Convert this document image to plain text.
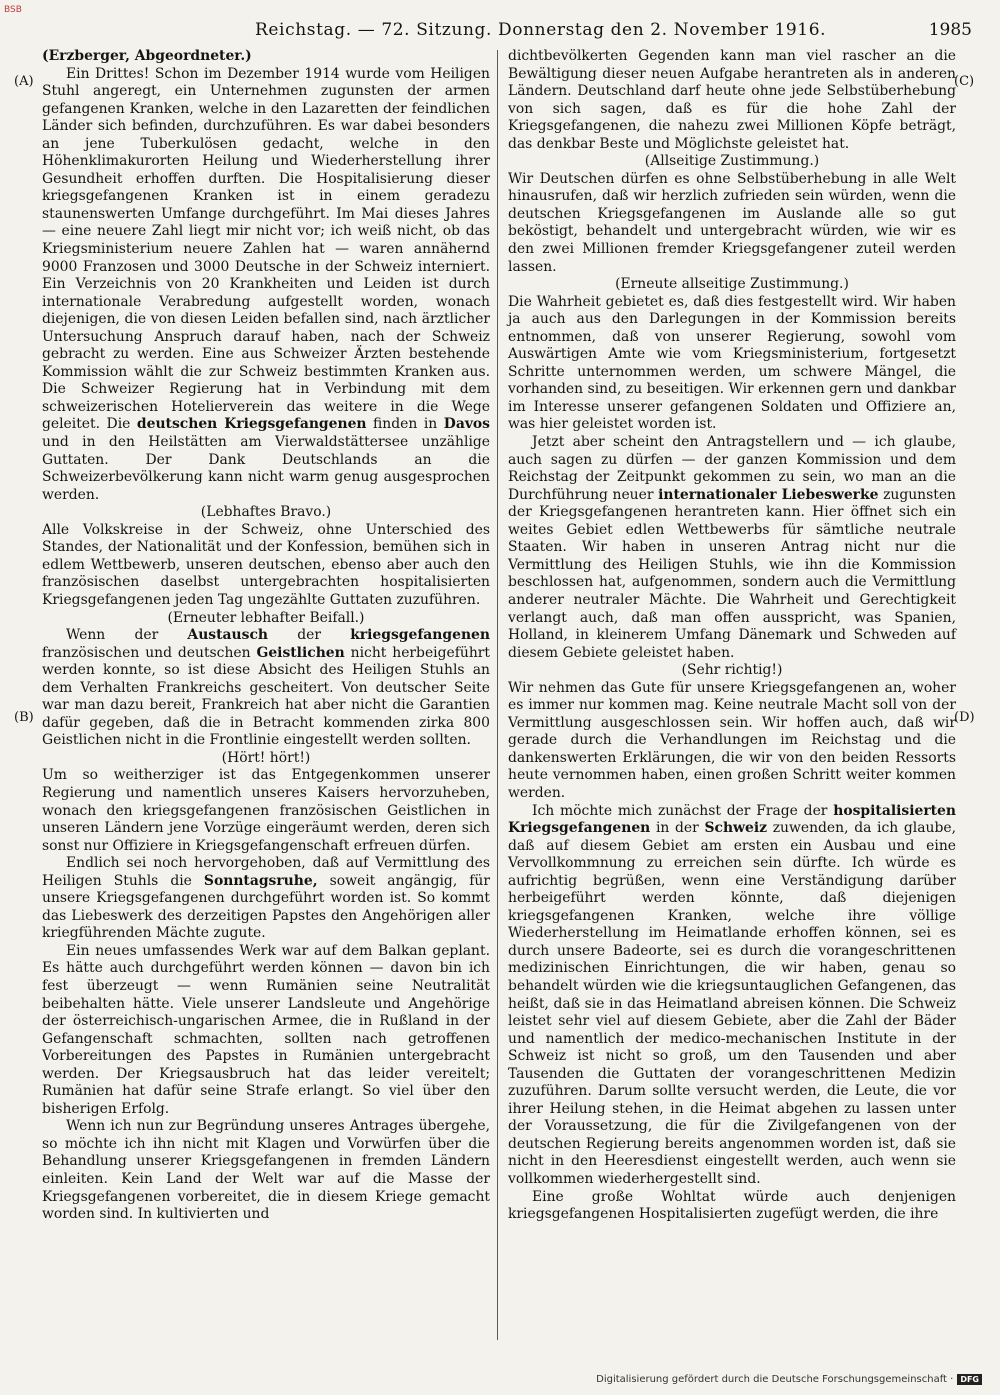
BSB
Reichstag. — 72. Sitzung. Donnerstag den 2. November 1916.	1985
(A)
(B)
(C)
(D)

(Erzberger, Abgeordneter.)

Ein Drittes! Schon im Dezember 1914 wurde vom Heiligen Stuhl angeregt, ein Unternehmen zugunsten der armen gefangenen Kranken, welche in den Lazaretten der feindlichen Länder sich befinden, durchzuführen. Es war dabei besonders an jene Tuberkulösen gedacht, welche in den Höhenklimakurorten Heilung und Wiederherstellung ihrer Gesundheit erhoffen durften. Die Hospitalisierung dieser kriegsgefangenen Kranken ist in einem geradezu staunenswerten Umfange durchgeführt. Im Mai dieses Jahres — eine neuere Zahl liegt mir nicht vor; ich weiß nicht, ob das Kriegsministerium neuere Zahlen hat — waren annähernd 9000 Franzosen und 3000 Deutsche in der Schweiz interniert. Ein Verzeichnis von 20 Krankheiten und Leiden ist durch internationale Verabredung aufgestellt worden, wonach diejenigen, die von diesen Leiden befallen sind, nach ärztlicher Untersuchung Anspruch darauf haben, nach der Schweiz gebracht zu werden. Eine aus Schweizer Ärzten bestehende Kommission wählt die zur Schweiz bestimmten Kranken aus. Die Schweizer Regierung hat in Verbindung mit dem schweizerischen Hotelierverein das weitere in die Wege geleitet. Die deutschen Kriegsgefangenen finden in Davos und in den Heilstätten am Vierwaldstättersee unzählige Guttaten. Der Dank Deutschlands an die Schweizerbevölkerung kann nicht warm genug ausgesprochen werden.

(Lebhaftes Bravo.)

Alle Volkskreise in der Schweiz, ohne Unterschied des Standes, der Nationalität und der Konfession, bemühen sich in edlem Wettbewerb, unseren deutschen, ebenso aber auch den französischen daselbst untergebrachten hospitalisierten Kriegsgefangenen jeden Tag ungezählte Guttaten zuzuführen.

(Erneuter lebhafter Beifall.)

Wenn der Austausch der kriegsgefangenen französischen und deutschen Geistlichen nicht herbeigeführt werden konnte, so ist diese Absicht des Heiligen Stuhls an dem Verhalten Frankreichs gescheitert. Von deutscher Seite war man dazu bereit, Frankreich hat aber nicht die Garantien dafür gegeben, daß die in Betracht kommenden zirka 800 Geistlichen nicht in die Frontlinie eingestellt werden sollten.

(Hört! hört!)

Um so weitherziger ist das Entgegenkommen unserer Regierung und namentlich unseres Kaisers hervorzuheben, wonach den kriegsgefangenen französischen Geistlichen in unseren Ländern jene Vorzüge eingeräumt werden, deren sich sonst nur Offiziere in Kriegsgefangenschaft erfreuen dürfen.

Endlich sei noch hervorgehoben, daß auf Vermittlung des Heiligen Stuhls die Sonntagsruhe, soweit angängig, für unsere Kriegsgefangenen durchgeführt worden ist. So kommt das Liebeswerk des derzeitigen Papstes den Angehörigen aller kriegführenden Mächte zugute.

Ein neues umfassendes Werk war auf dem Balkan geplant. Es hätte auch durchgeführt werden können — davon bin ich fest überzeugt — wenn Rumänien seine Neutralität beibehalten hätte. Viele unserer Landsleute und Angehörige der österreichisch-ungarischen Armee, die in Rußland in der Gefangenschaft schmachten, sollten nach getroffenen Vorbereitungen des Papstes in Rumänien untergebracht werden. Der Kriegsausbruch hat das leider vereitelt; Rumänien hat dafür seine Strafe erlangt. So viel über den bisherigen Erfolg.

Wenn ich nun zur Begründung unseres Antrages übergehe, so möchte ich ihn nicht mit Klagen und Vorwürfen über die Behandlung unserer Kriegsgefangenen in fremden Ländern einleiten. Kein Land der Welt war auf die Masse der Kriegsgefangenen vorbereitet, die in diesem Kriege gemacht worden sind. In kultivierten und

dichtbevölkerten Gegenden kann man viel rascher an die Bewältigung dieser neuen Aufgabe herantreten als in anderen Ländern. Deutschland darf heute ohne jede Selbstüberhebung von sich sagen, daß es für die hohe Zahl der Kriegsgefangenen, die nahezu zwei Millionen Köpfe beträgt, das denkbar Beste und Möglichste geleistet hat.

(Allseitige Zustimmung.)

Wir Deutschen dürfen es ohne Selbstüberhebung in alle Welt hinausrufen, daß wir herzlich zufrieden sein würden, wenn die deutschen Kriegsgefangenen im Auslande alle so gut beköstigt, behandelt und untergebracht würden, wie wir es den zwei Millionen fremder Kriegsgefangener zuteil werden lassen.

(Erneute allseitige Zustimmung.)

Die Wahrheit gebietet es, daß dies festgestellt wird. Wir haben ja auch aus den Darlegungen in der Kommission bereits entnommen, daß von unserer Regierung, sowohl vom Auswärtigen Amte wie vom Kriegsministerium, fortgesetzt Schritte unternommen werden, um schwere Mängel, die vorhanden sind, zu beseitigen. Wir erkennen gern und dankbar im Interesse unserer gefangenen Soldaten und Offiziere an, was hier geleistet worden ist.

Jetzt aber scheint den Antragstellern und — ich glaube, auch sagen zu dürfen — der ganzen Kommission und dem Reichstag der Zeitpunkt gekommen zu sein, wo man an die Durchführung neuer internationaler Liebeswerke zugunsten der Kriegsgefangenen herantreten kann. Hier öffnet sich ein weites Gebiet edlen Wettbewerbs für sämtliche neutrale Staaten. Wir haben in unseren Antrag nicht nur die Vermittlung des Heiligen Stuhls, wie ihn die Kommission beschlossen hat, aufgenommen, sondern auch die Vermittlung anderer neutraler Mächte. Die Wahrheit und Gerechtigkeit verlangt auch, daß man offen ausspricht, was Spanien, Holland, in kleinerem Umfang Dänemark und Schweden auf diesem Gebiete geleistet haben.

(Sehr richtig!)

Wir nehmen das Gute für unsere Kriegsgefangenen an, woher es immer nur kommen mag. Keine neutrale Macht soll von der Vermittlung ausgeschlossen sein. Wir hoffen auch, daß wir gerade durch die Verhandlungen im Reichstag und die dankenswerten Erklärungen, die wir von den beiden Ressorts heute vernommen haben, einen großen Schritt weiter kommen werden.

Ich möchte mich zunächst der Frage der hospitalisierten Kriegsgefangenen in der Schweiz zuwenden, da ich glaube, daß auf diesem Gebiet am ersten ein Ausbau und eine Vervollkommnung zu erreichen sein dürfte. Ich würde es aufrichtig begrüßen, wenn eine Verständigung darüber herbeigeführt werden könnte, daß diejenigen kriegsgefangenen Kranken, welche ihre völlige Wiederherstellung im Heimatlande erhoffen können, sei es durch unsere Badeorte, sei es durch die vorangeschrittenen medizinischen Einrichtungen, die wir haben, genau so behandelt würden wie die kriegsuntauglichen Gefangenen, das heißt, daß sie in das Heimatland abreisen können. Die Schweiz leistet sehr viel auf diesem Gebiete, aber die Zahl der Bäder und namentlich der medico-mechanischen Institute in der Schweiz ist nicht so groß, um den Tausenden und aber Tausenden die Guttaten der vorangeschrittenen Medizin zuzuführen. Darum sollte versucht werden, die Leute, die vor ihrer Heilung stehen, in die Heimat abgehen zu lassen unter der Voraussetzung, die für die Zivilgefangenen von der deutschen Regierung bereits angenommen worden ist, daß sie nicht in den Heeresdienst eingestellt werden, auch wenn sie vollkommen wiederhergestellt sind.

Eine große Wohltat würde auch denjenigen kriegsgefangenen Hospitalisierten zugefügt werden, die ihre

Digitalisierung gefördert durch die Deutsche Forschungsgemeinschaft · DFG
